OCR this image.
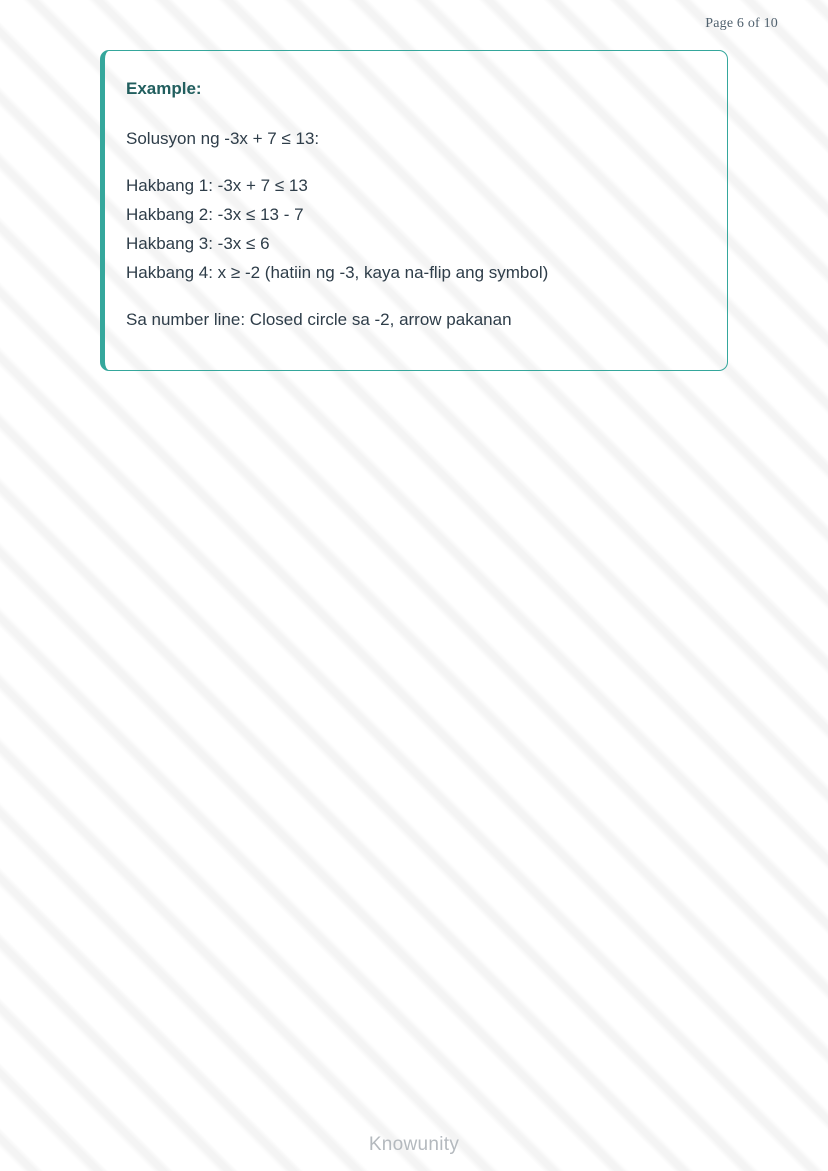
Page 6 of 10

Example:

Solusyon ng -3x + 7 ≤ 13:

Hakbang 1: -3x + 7 ≤ 13

Hakbang 2: -3x ≤ 13 - 7

Hakbang 3: -3x ≤ 6

Hakbang 4: x ≥ -2 (hatiin ng -3, kaya na-flip ang symbol)

Sa number line: Closed circle sa -2, arrow pakanan

Knowunity
